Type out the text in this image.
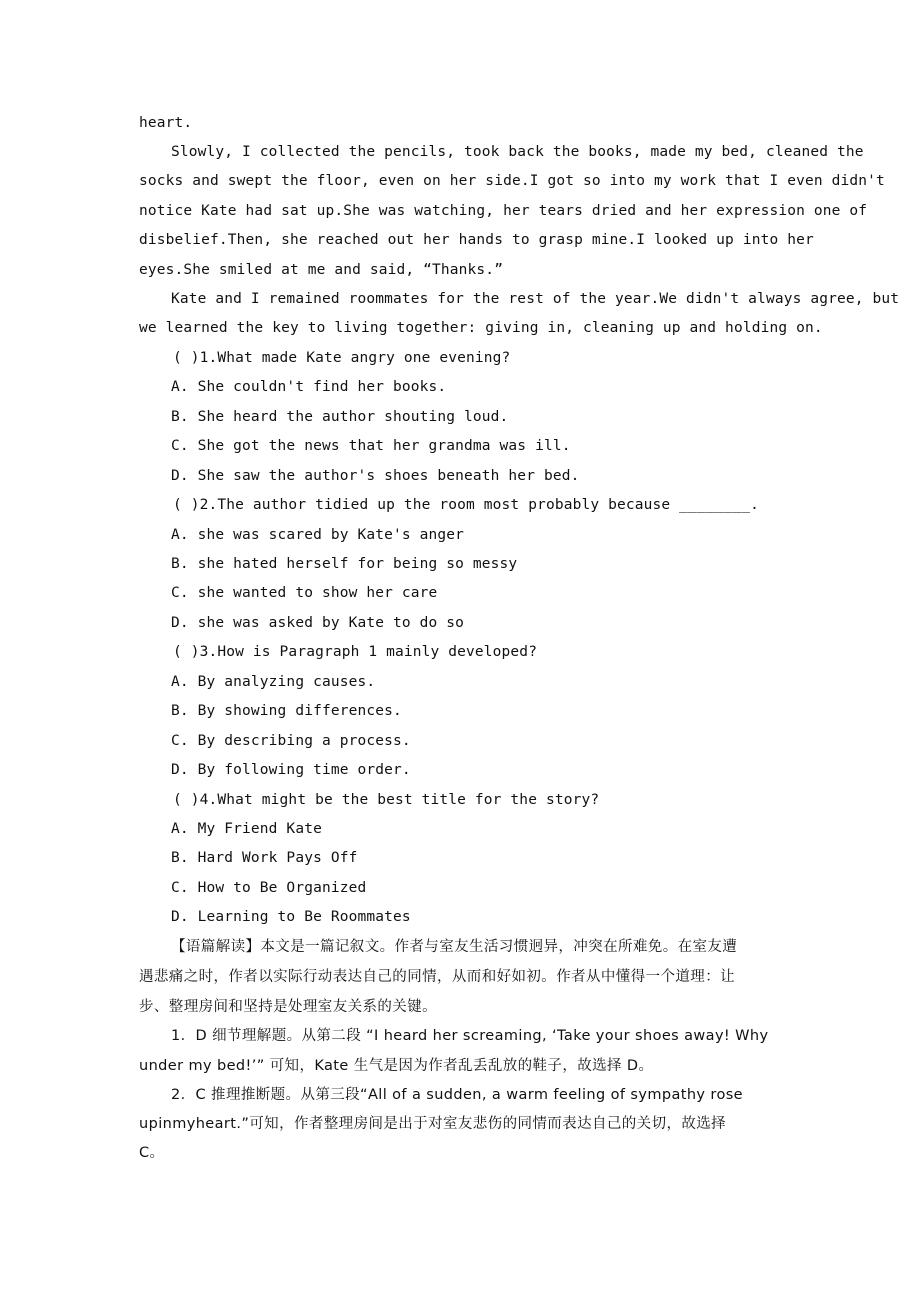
heart.
Slowly, I collected the pencils, took back the books, made my bed, cleaned the
socks and swept the floor, even on her side.I got so into my work that I even didn't
notice Kate had sat up.She was watching, her tears dried and her expression one of
disbelief.Then, she reached out her hands to grasp mine.I looked up into her
eyes.She smiled at me and said, “Thanks.”
Kate and I remained roommates for the rest of the year.We didn't always agree, but
we learned the key to living together: giving in, cleaning up and holding on.
( )1.What made Kate angry one evening?
A. She couldn't find her books.
B. She heard the author shouting loud.
C. She got the news that her grandma was ill.
D. She saw the author's shoes beneath her bed.
( )2.The author tidied up the room most probably because ________.
A. she was scared by Kate's anger
B. she hated herself for being so messy
C. she wanted to show her care
D. she was asked by Kate to do so
( )3.How is Paragraph 1 mainly developed?
A. By analyzing causes.
B. By showing differences.
C. By describing a process.
D. By following time order.
( )4.What might be the best title for the story?
A. My Friend Kate
B. Hard Work Pays Off
C. How to Be Organized
D. Learning to Be Roommates
【语篇解读】本文是一篇记叙文。作者与室友生活习惯迥异，冲突在所难免。在室友遭
遇悲痛之时，作者以实际行动表达自己的同情，从而和好如初。作者从中懂得一个道理：让
步、整理房间和坚持是处理室友关系的关键。
1．D 细节理解题。从第二段 “I heard her screaming, ‘Take your shoes away! Why
under my bed!’” 可知，Kate 生气是因为作者乱丢乱放的鞋子，故选择 D。
2．C 推理推断题。从第三段“All of a sudden, a warm feeling of sympathy rose
upinmyheart.”可知，作者整理房间是出于对室友悲伤的同情而表达自己的关切，故选择
C。
